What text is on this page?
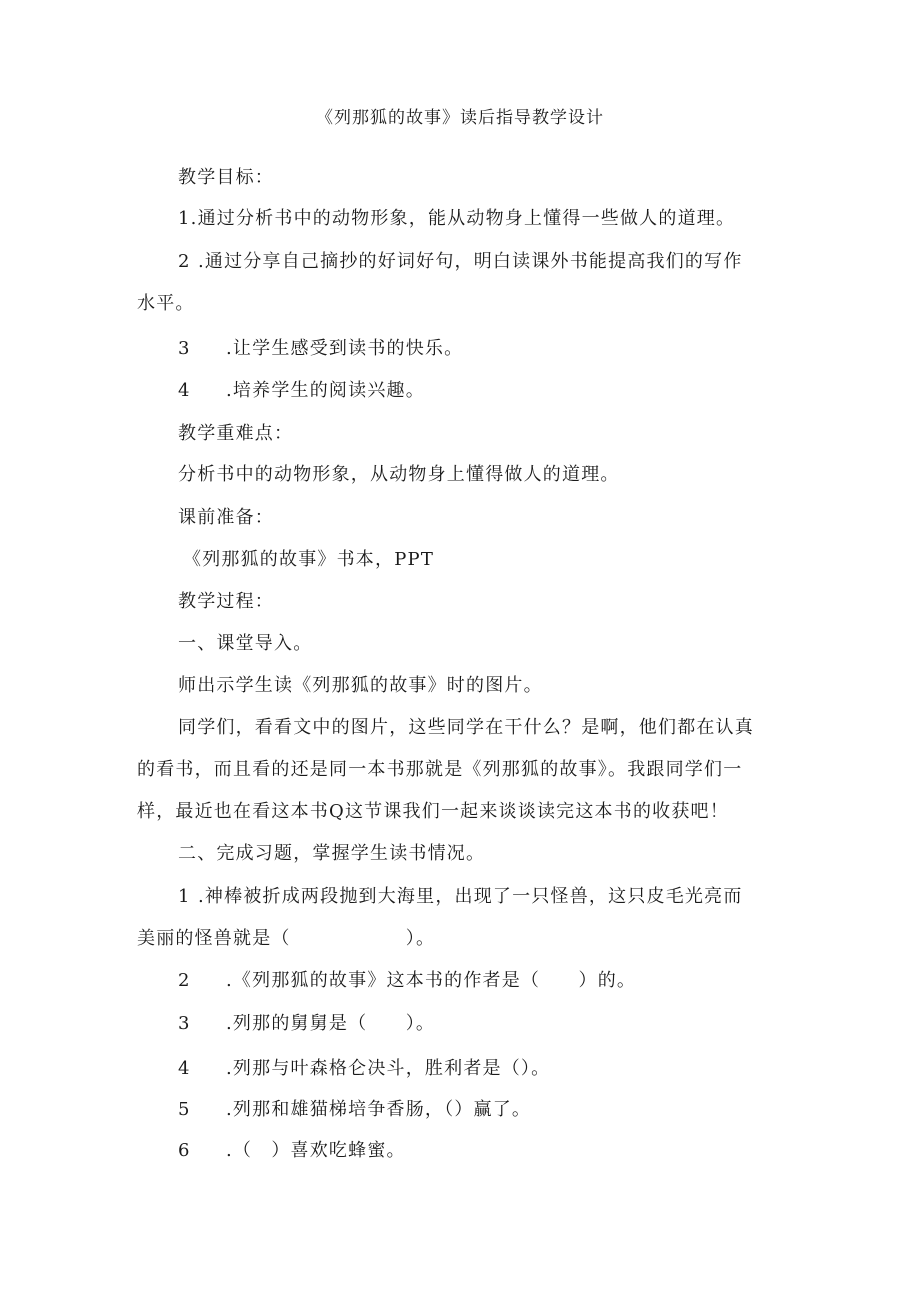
《列那狐的故事》读后指导教学设计
教学目标：
1.通过分析书中的动物形象，能从动物身上懂得一些做人的道理。
2 .通过分享自己摘抄的好词好句，明白读课外书能提高我们的写作
水平。
3 .让学生感受到读书的快乐。
4 .培养学生的阅读兴趣。
教学重难点：
分析书中的动物形象，从动物身上懂得做人的道理。
课前准备：
《列那狐的故事》书本，PPT
教学过程：
一、课堂导入。
师出示学生读《列那狐的故事》时的图片。
同学们，看看文中的图片，这些同学在干什么？是啊，他们都在认真
的看书，而且看的还是同一本书那就是《列那狐的故事》。我跟同学们一
样，最近也在看这本书Q这节课我们一起来谈谈读完这本书的收获吧！
二、完成习题，掌握学生读书情况。
1 .神棒被折成两段抛到大海里，出现了一只怪兽，这只皮毛光亮而
美丽的怪兽就是（　　　　　　）。
2 .《列那狐的故事》这本书的作者是（　　）的。
3 .列那的舅舅是（　　）。
4 .列那与叶森格仑决斗，胜利者是（）。
5 .列那和雄猫梯培争香肠，（）赢了。
6 .（　）喜欢吃蜂蜜。
